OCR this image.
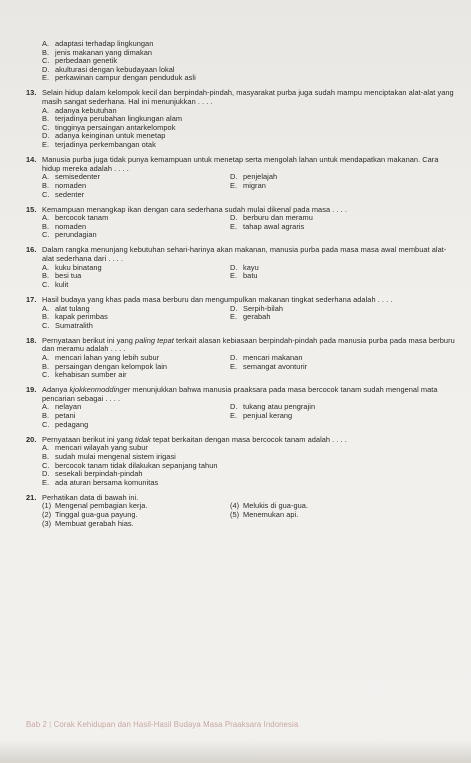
A. adaptasi terhadap lingkungan
B. jenis makanan yang dimakan
C. perbedaan genetik
D. akulturasi dengan kebudayaan lokal
E. perkawinan campur dengan penduduk asli
13. Selain hidup dalam kelompok kecil dan berpindah-pindah, masyarakat purba juga sudah mampu menciptakan alat-alat yang masih sangat sederhana. Hal ini menunjukkan . . . .
A. adanya kebutuhan
B. terjadinya perubahan lingkungan alam
C. tingginya persaingan antarkelompok
D. adanya keinginan untuk menetap
E. terjadinya perkembangan otak
14. Manusia purba juga tidak punya kemampuan untuk menetap serta mengolah lahan untuk mendapatkan makanan. Cara hidup mereka adalah . . . .
A. semisedenter	D. penjelajah
B. nomaden	E. migran
C. sedenter
15. Kemampuan menangkap ikan dengan cara sederhana sudah mulai dikenal pada masa . . . .
A. bercocok tanam	D. berburu dan meramu
B. nomaden	E. tahap awal agraris
C. perundagian
16. Dalam rangka menunjang kebutuhan sehari-harinya akan makanan, manusia purba pada masa masa awal membuat alat-alat sederhana dari . . . .
A. kuku binatang	D. kayu
B. besi tua	E. batu
C. kulit
17. Hasil budaya yang khas pada masa berburu dan mengumpulkan makanan tingkat sederhana adalah . . . .
A. alat tulang	D. Serpih-bilah
B. kapak perimbas	E. gerabah
C. Sumatralith
18. Pernyataan berikut ini yang paling tepat terkait alasan kebiasaan berpindah-pindah pada manusia purba pada masa berburu dan meramu adalah . . . .
A. mencari lahan yang lebih subur	D. mencari makanan
B. persaingan dengan kelompok lain	E. semangat avonturir
C. kehabisan sumber air
19. Adanya kjokkenmoddinger menunjukkan bahwa manusia praaksara pada masa bercocok tanam sudah mengenal mata pencarian sebagai . . . .
A. nelayan	D. tukang atau pengrajin
B. petani	E. penjual kerang
C. pedagang
20. Pernyataan berikut ini yang tidak tepat berkaitan dengan masa bercocok tanam adalah . . . .
A. mencari wilayah yang subur
B. sudah mulai mengenal sistem irigasi
C. bercocok tanam tidak dilakukan sepanjang tahun
D. sesekali berpindah-pindah
E. ada aturan bersama komunitas
21. Perhatikan data di bawah ini.
(1) Mengenal pembagian kerja.	(4) Melukis di gua-gua.
(2) Tinggal gua-gua payung.	(5) Menemukan api.
(3) Membuat gerabah hias.
Bab 2 | Corak Kehidupan dan Hasil-Hasil Budaya Masa Praaksara Indonesia
